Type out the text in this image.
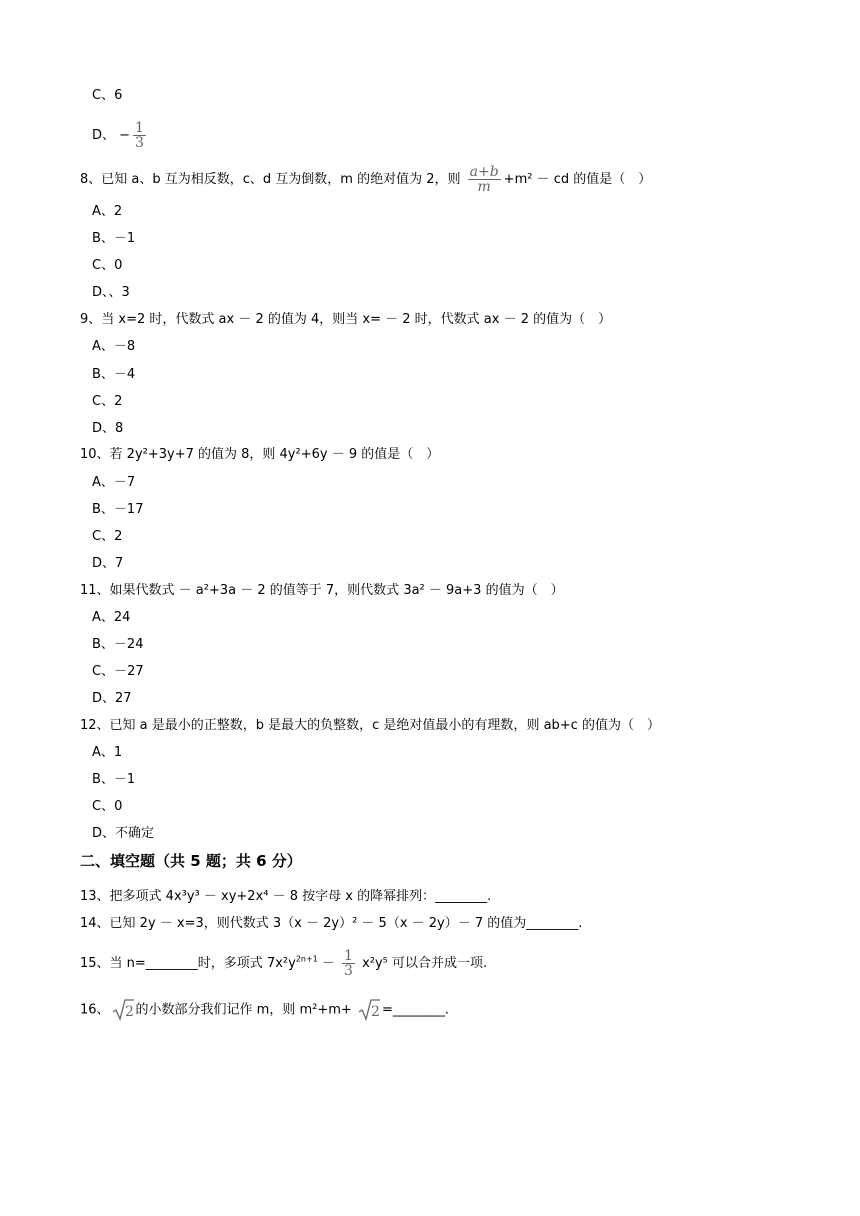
C、6
D、 − $\frac{1}{3}$
8、已知 a、b 互为相反数，c、d 互为倒数，m 的绝对值为 2，则 $\frac{a+b}{m} +m^2$ － cd 的值是（　）
A、2
B、－1
C、0
D、、3
9、当 x=2 时，代数式 ax － 2 的值为 4，则当 x= － 2 时，代数式 ax － 2 的值为（　）
A、－8
B、－4
C、2
D、8
10、若 2y²+3y+7 的值为 8，则 4y²+6y － 9 的值是（　）
A、－7
B、－17
C、2
D、7
11、如果代数式 － a²+3a － 2 的值等于 7，则代数式 3a² － 9a+3 的值为（　）
A、24
B、－24
C、－27
D、27
12、已知 a 是最小的正整数，b 是最大的负整数，c 是绝对值最小的有理数，则 ab+c 的值为（　）
A、1
B、－1
C、0
D、不确定
二、填空题（共 5 题；共 6 分）
13、把多项式 4x³y³ － xy+2x⁴ － 8 按字母 x 的降幂排列：________.
14、已知 2y － x=3，则代数式 3（x － 2y）² － 5（x － 2y）－ 7 的值为________.
15、当 n=________时，多项式 $7x^2y^{2n+1} - \frac{1}{3} x^2y^5$ 可以合并成一项.
16、 2 的小数部分我们记作 m，则 m²+m+ 2 =________.
